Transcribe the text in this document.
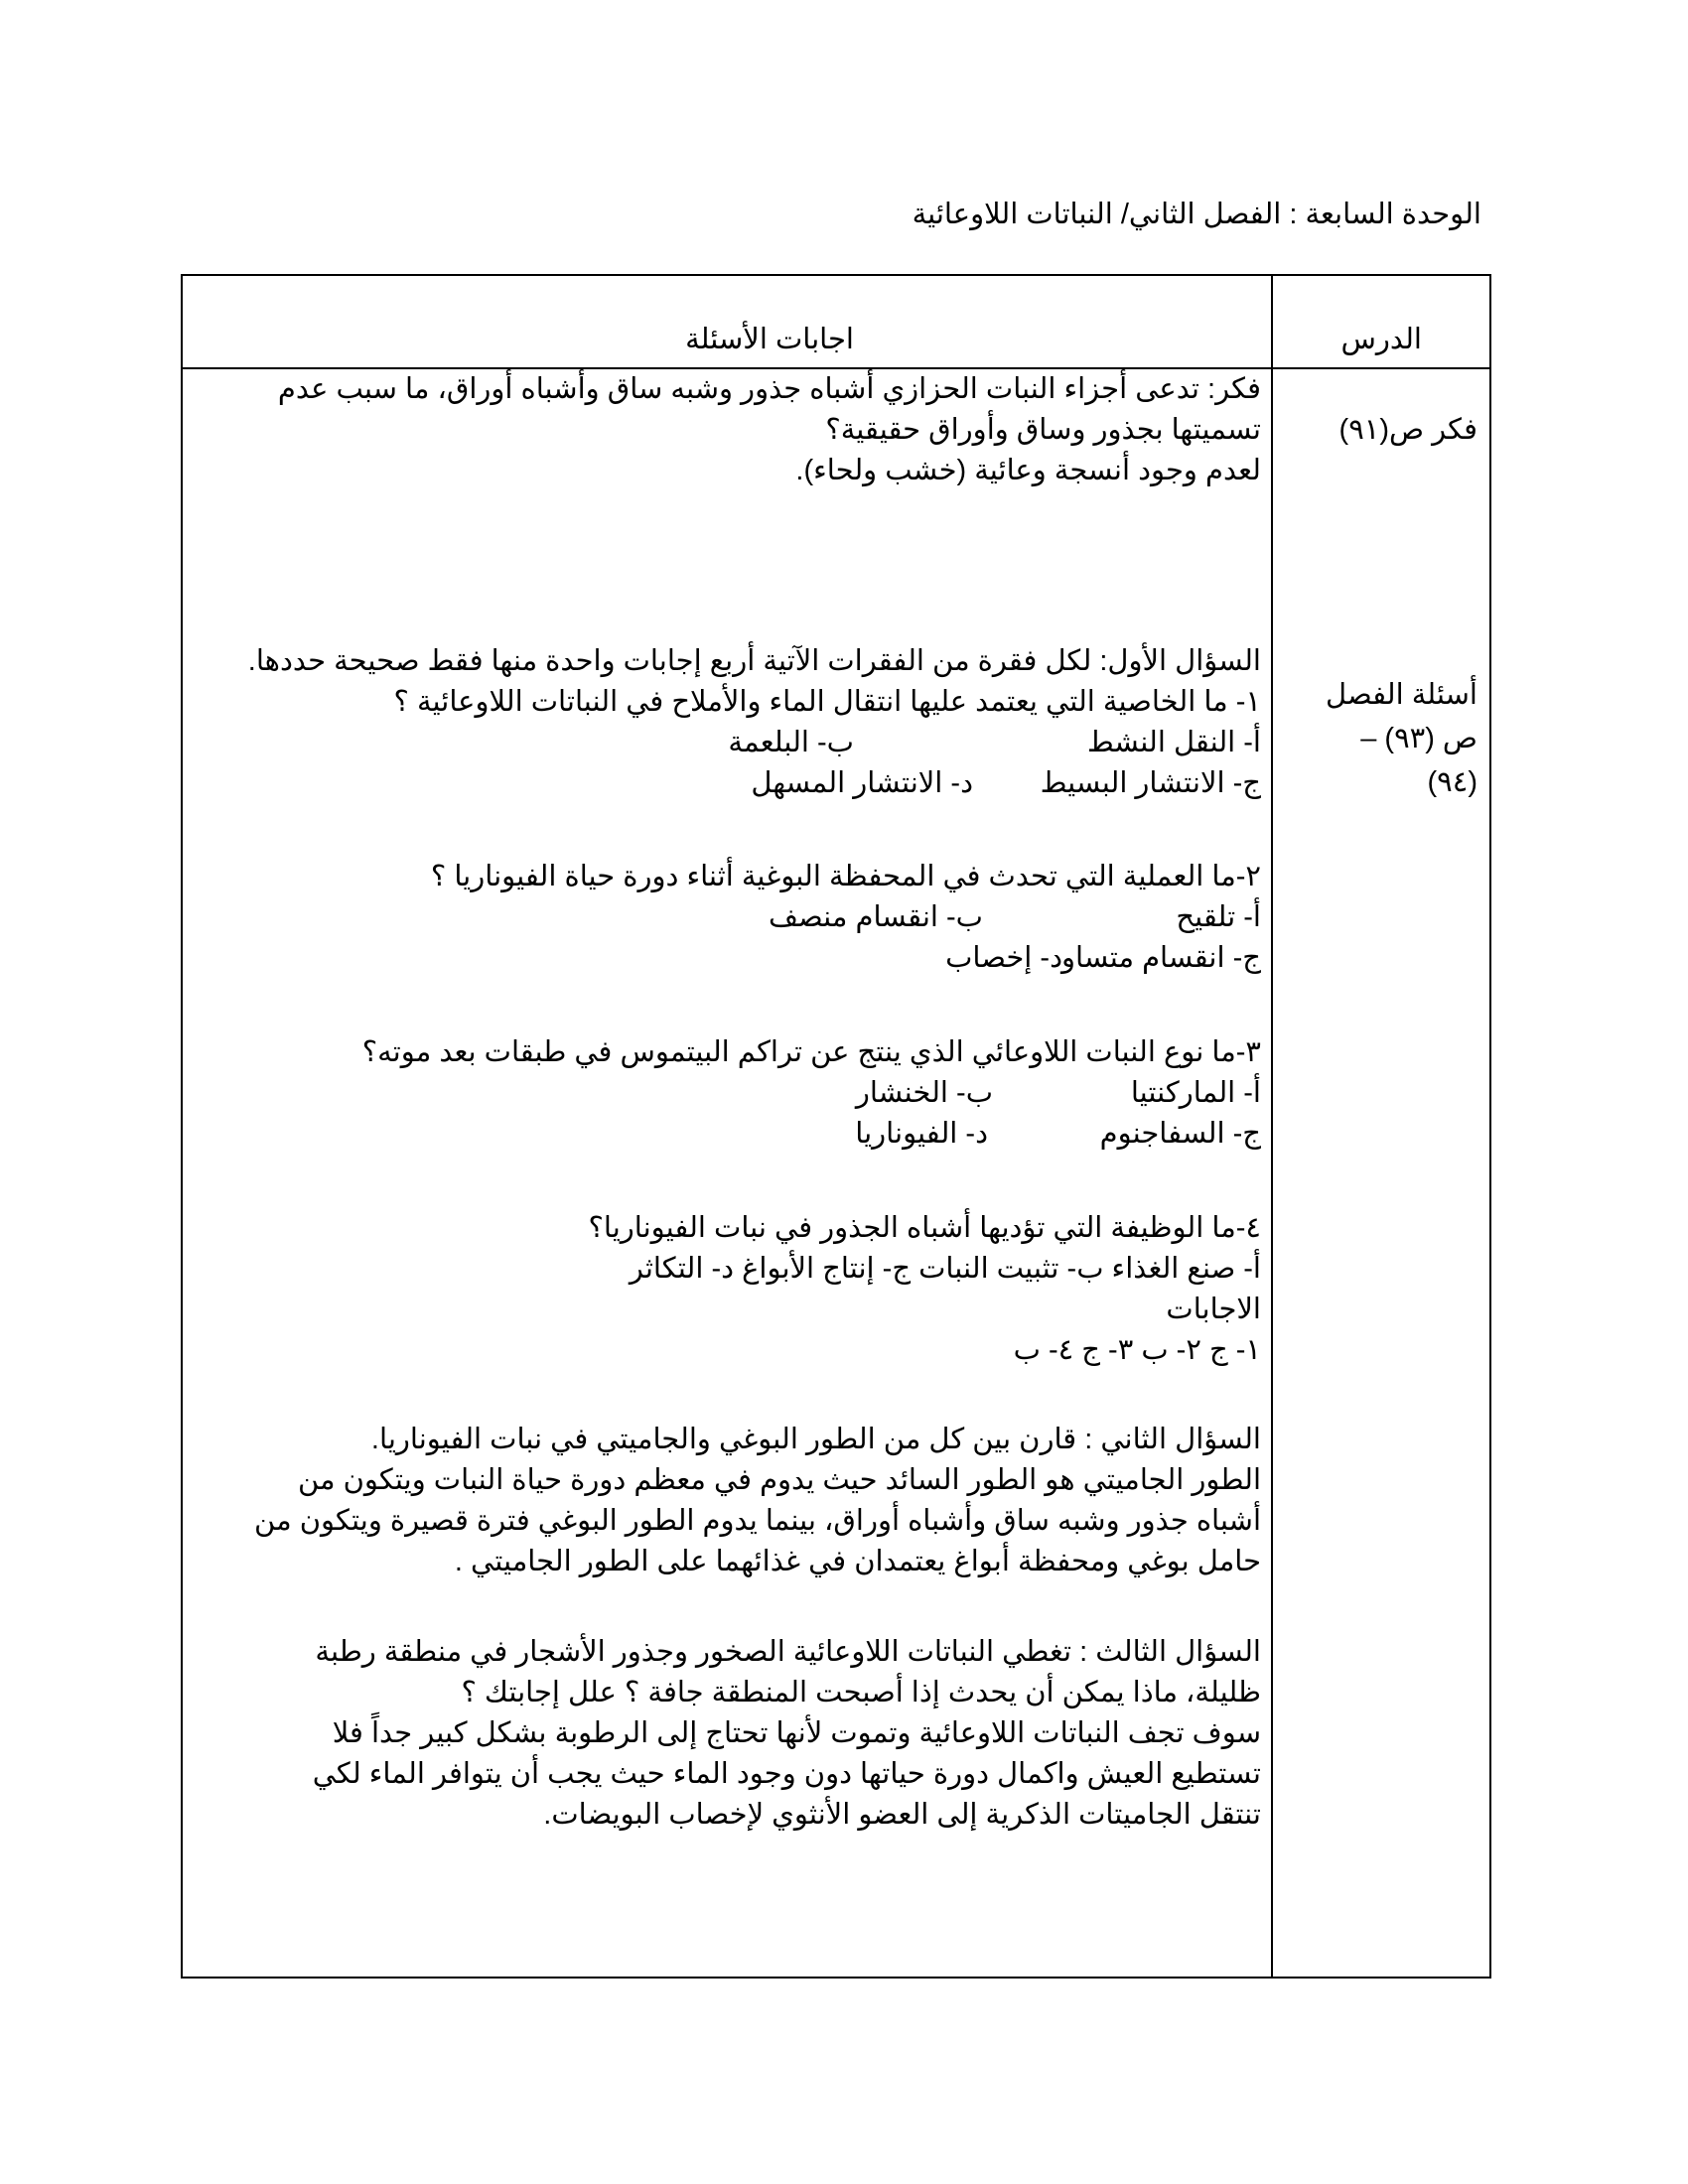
الوحدة السابعة : الفصل الثاني/ النباتات اللاوعائية
الدرس
اجابات الأسئلة
فكر ص(٩١)
أسئلة الفصل
ص (٩٣) –
(٩٤)
فكر: تدعى أجزاء النبات الحزازي أشباه جذور وشبه ساق وأشباه أوراق، ما سبب عدم
تسميتها بجذور وساق وأوراق حقيقية؟
لعدم وجود أنسجة وعائية (خشب ولحاء).
السؤال الأول: لكل فقرة من الفقرات الآتية أربع إجابات واحدة منها فقط صحيحة حددها.
١- ما الخاصية التي يعتمد عليها انتقال الماء والأملاح في النباتات اللاوعائية ؟
أ- النقل النشط
ب- البلعمة
ج- الانتشار البسيط
د- الانتشار المسهل
٢-ما العملية التي تحدث في المحفظة البوغية أثناء دورة حياة الفيوناريا ؟
أ- تلقيح
ب- انقسام منصف
ج- انقسام متساو
د- إخصاب
٣-ما نوع النبات اللاوعائي الذي ينتج عن تراكم البيتموس في طبقات بعد موته؟
أ- الماركنتيا
ب- الخنشار
ج- السفاجنوم
د- الفيوناريا
٤-ما الوظيفة التي تؤديها أشباه الجذور في نبات الفيوناريا؟
أ- صنع الغذاء ب- تثبيت النبات ج- إنتاج الأبواغ د- التكاثر
الاجابات
١- ج ٢- ب ٣- ج ٤- ب
السؤال الثاني : قارن بين كل من الطور البوغي والجاميتي في نبات الفيوناريا.
الطور الجاميتي هو الطور السائد حيث يدوم في معظم دورة حياة النبات ويتكون من
أشباه جذور وشبه ساق وأشباه أوراق، بينما يدوم الطور البوغي فترة قصيرة ويتكون من
حامل بوغي ومحفظة أبواغ يعتمدان في غذائهما على الطور الجاميتي .
السؤال الثالث : تغطي النباتات اللاوعائية الصخور وجذور الأشجار في منطقة رطبة
ظليلة، ماذا يمكن أن يحدث إذا أصبحت المنطقة جافة ؟ علل إجابتك ؟
سوف تجف النباتات اللاوعائية وتموت لأنها تحتاج إلى الرطوبة بشكل كبير جداً فلا
تستطيع العيش واكمال دورة حياتها دون وجود الماء حيث يجب أن يتوافر الماء لكي
تنتقل الجاميتات الذكرية إلى العضو الأنثوي لإخصاب البويضات.
